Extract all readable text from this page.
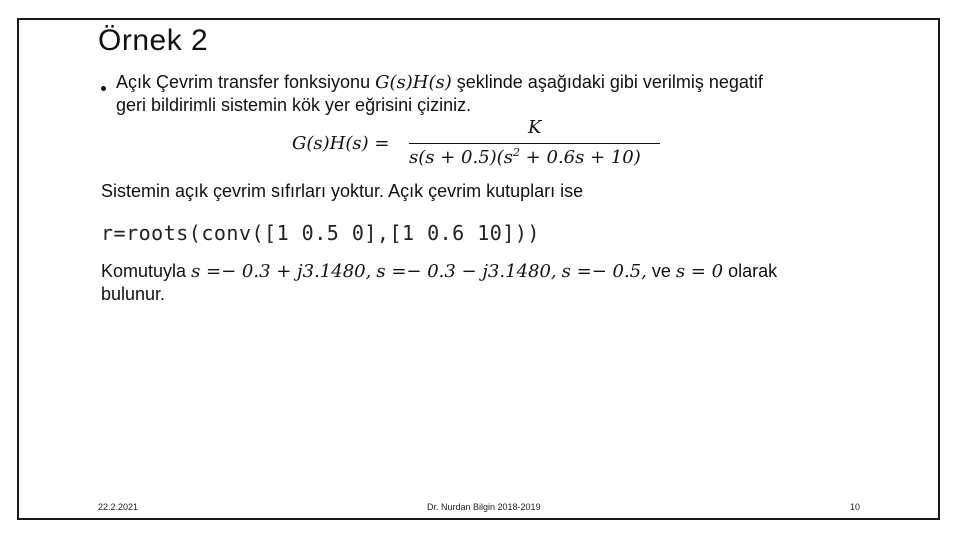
Örnek 2
Açık Çevrim transfer fonksiyonu G(s)H(s) şeklinde aşağıdaki gibi verilmiş negatif
geri bildirimli sistemin kök yer eğrisini çiziniz.
G(s)H(s) =
K
$s(s + 0.5)(s^2 + 0.6s + 10)$
Sistemin açık çevrim sıfırları yoktur. Açık çevrim kutupları ise
r=roots(conv([1 0.5 0],[1 0.6 10]))
Komutuyla s =− 0.3 + j3.1480, s =− 0.3 − j3.1480, s =− 0.5, ve s = 0 olarak
bulunur.
22.2.2021	Dr. Nurdan Bilgin 2018-2019	10
